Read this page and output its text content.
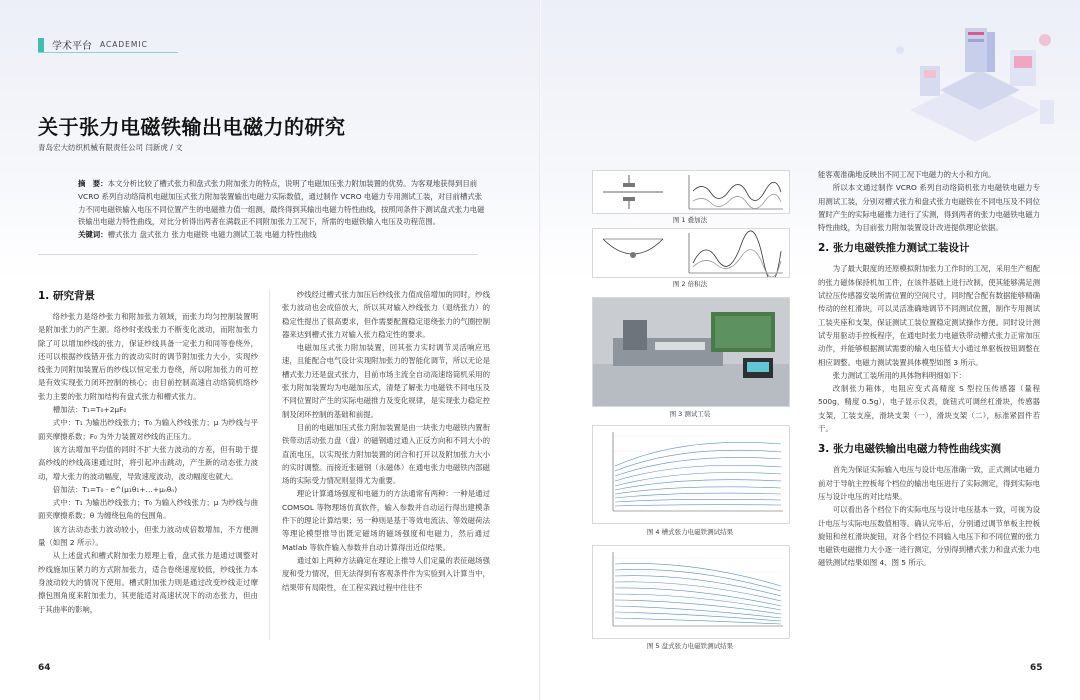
学术平台 ACADEMIC
关于张力电磁铁输出电磁力的研究
青岛宏大纺织机械有限责任公司 闫新虎 / 文
摘　要：本文分析比较了槽式张力和盘式张力附加张力的特点，说明了电磁加压张力附加装置的优势。为客观地获得到目前 VCRO 系列自动络筒机电磁加压式张力附加装置输出电磁力实际数值，通过制作 VCRO 电磁力专用测试工装，对目前槽式张力不同电磁铁输入电压不同位置产生的电磁推力值一组测，最终得到其输出电磁力特性曲线，按照同条件下测试盘式张力电磁铁输出电磁力特性曲线，对比分析得出两者在满载正不同附加张力工况下，所需的电磁铁输入电压及功程范围。
关键词：槽式张力 盘式张力 张力电磁铁 电磁力测试工装 电磁力特性曲线
1. 研究背景

络纱张力是络纱张力和附加张力领域，而张力均匀控制装置明是附加张力的产生源。络纱时张线张力不断变化波动，而附加张力除了可以增加纱线的张力，保证纱线具备一定张力和同等卷绕外，还可以根据纱线错开张力的波动实时的调节附加张力大小，实现纱线张力同附加装置后的纱线以恒定张力卷绕，所以附加张力的可控是有效实现张力闭环控制的核心；由目前控制高速自动络筒机络纱张力主要的张力附加结构有盘式张力和槽式张力。

槽加法：T₁=T₀+2μF₀

式中：T₁ 为输出纱线张力；T₀ 为输入纱线张力；μ 为纱线与平面夹摩擦系数；F₀ 为外力装置对纱线的正压力。

该方法增加平均值的同时不扩大张力波动的方差，但有助于提高纱线的纱线高速通过时，将引起冲击跳动，产生新的动态张力波动，增大张力的波动幅度，导致速度波动，波动幅度也就大。

倍加法：T₁=T₀ · e^(μ₁θ₁+…+μₙθₙ)

式中：T₁ 为输出纱线张力；T₀ 为输入纱线张力；μ 为纱线与曲面夹摩擦系数；θ 为缠绕包角的包围角。

该方法动态张力波动较小，但张力波动成倍数增加，不方便测量（如图 2 所示）。

从上述盘式和槽式附加张力原理上看，盘式张力是通过调整对纱线施加压紧力的方式附加张力，适合卷绕速度较低，纱线张力本身波动较大的情况下使用。槽式附加张力则是通过改变纱线走过摩擦包围角度来附加张力，其更能适对高速状况下的动态张力，但由于其曲率的影响，

纱线经过槽式张力加压后纱线张力值成倍增加的同时，纱线张力波动也会成倍放大，所以其对输入纱线张力（退绕张力）的稳定性提出了很高要求，但作需要配置稳定退绕张力的气圈控制器来达到槽式张力对输入张力稳定性的要求。

电磁加压式张力附加装置，回其张力实时调节灵活响应迅速，且能配合电气设计实现附加张力的智能化调节，所以无论是槽式张力还是盘式张力，目前市场主流全自动高速络筒机采用的张力附加装置均为电磁加压式，清楚了解张力电磁铁不同电压及不同位置时产生的实际电磁推力及变化规律，是实现张力稳定控制及闭环控制的基础和前提。

目前的电磁加压式张力附加装置是由一块张力电磁铁内置衔铁带动活动张力盘（盘）的磁钢通过通入正反方向和不同大小的直流电压，以实现张力附加装置的闭合和打开以及附加张力大小的实时调整。而接近张磁钢（永磁体）在通电张力电磁铁内部磁场的实际受力情况则显得尤为重要。

理论计算通场强度和电磁力的方法通常有两种：一种是通过 COMSOL 等物理场仿真软件，输入参数并自动运行得出建模条件下的理论计算结果；另一种则是基于等效电流法、等效磁荷法等理论模型推导出既定磁场的磁场强度和电磁力，然后通过 Matlab 等软件输入参数并自动计算得出近似结果。

通过如上两种方法确定在理论上推导人们定量的表征磁场强度和受力情况，但无法得到有客观条件作为实验到入计算当中，结果带有局限性，在工程实践过程中往往不

64
图 1 叠加法
图 2 倍积法
图 3 测试工装
图 4 槽式张力电磁铁测试结果
图 5 盘式张力电磁铁测试结果

能客观准确地反映出不同工况下电磁力的大小和方向。

所以本文通过制作 VCRO 系列自动络筒机张力电磁铁电磁力专用测试工装，分别对槽式张力和盘式张力电磁铁在不同电压及不同位置时产生的实际电磁推力进行了实测，得到两者的张力电磁铁电磁力特性曲线，为目前张力附加装置设计改进提供理论依据。

2. 张力电磁铁推力测试工装设计

为了最大限度的还原模拟附加张力工作时的工况，采用生产相配的张力磁体保持机加工件，在该件基础上进行改制，使其能够满足测试拉压传感器安装所需位置的空间尺寸，同时配合配有数据能够精确传动的丝杠滑块，可以灵活准确地调节不同测试位置，制作专用测试工装夹座和支架，保证测试工装位置稳定测试操作方便。同时设计测试专用驱动手控板程序，在通电时张力电磁铁带动槽式张力正常加压动作，并能够根据测试需要的输入电压值大小通过单驱板按钮调整在相应调整。电磁力测试装置具体模型如图 3 所示。

张力测试工装所用的具体物料明细如下：

改制张力箱体，电阻应变式高精度 S 型拉压传感器（量程 500g，精度 0.5g），电子显示仪表，旋钮式可调丝杠滑块，传感器支架，工装支座，滑块支架（一），滑块支架（二），标准紧固件若干。

3. 张力电磁铁输出电磁力特性曲线实测

首先为保证实际输入电压与设计电压准确一致，正式测试电磁力前对于导航主控板每个档位的输出电压进行了实际测定，得到实际电压与设计电压的对比结果。

可以看出各个档位下的实际电压与设计电压基本一致，可视为设计电压与实际电压数值相等。确认完毕后，分别通过调节单板主控板旋钮和丝杠滑块旋钮，对各个档位不同输入电压下和不同位置的张力电磁铁电磁推力大小逐一进行测定，分别得到槽式张力和盘式张力电磁铁测试结果如图 4、图 5 所示。

65
